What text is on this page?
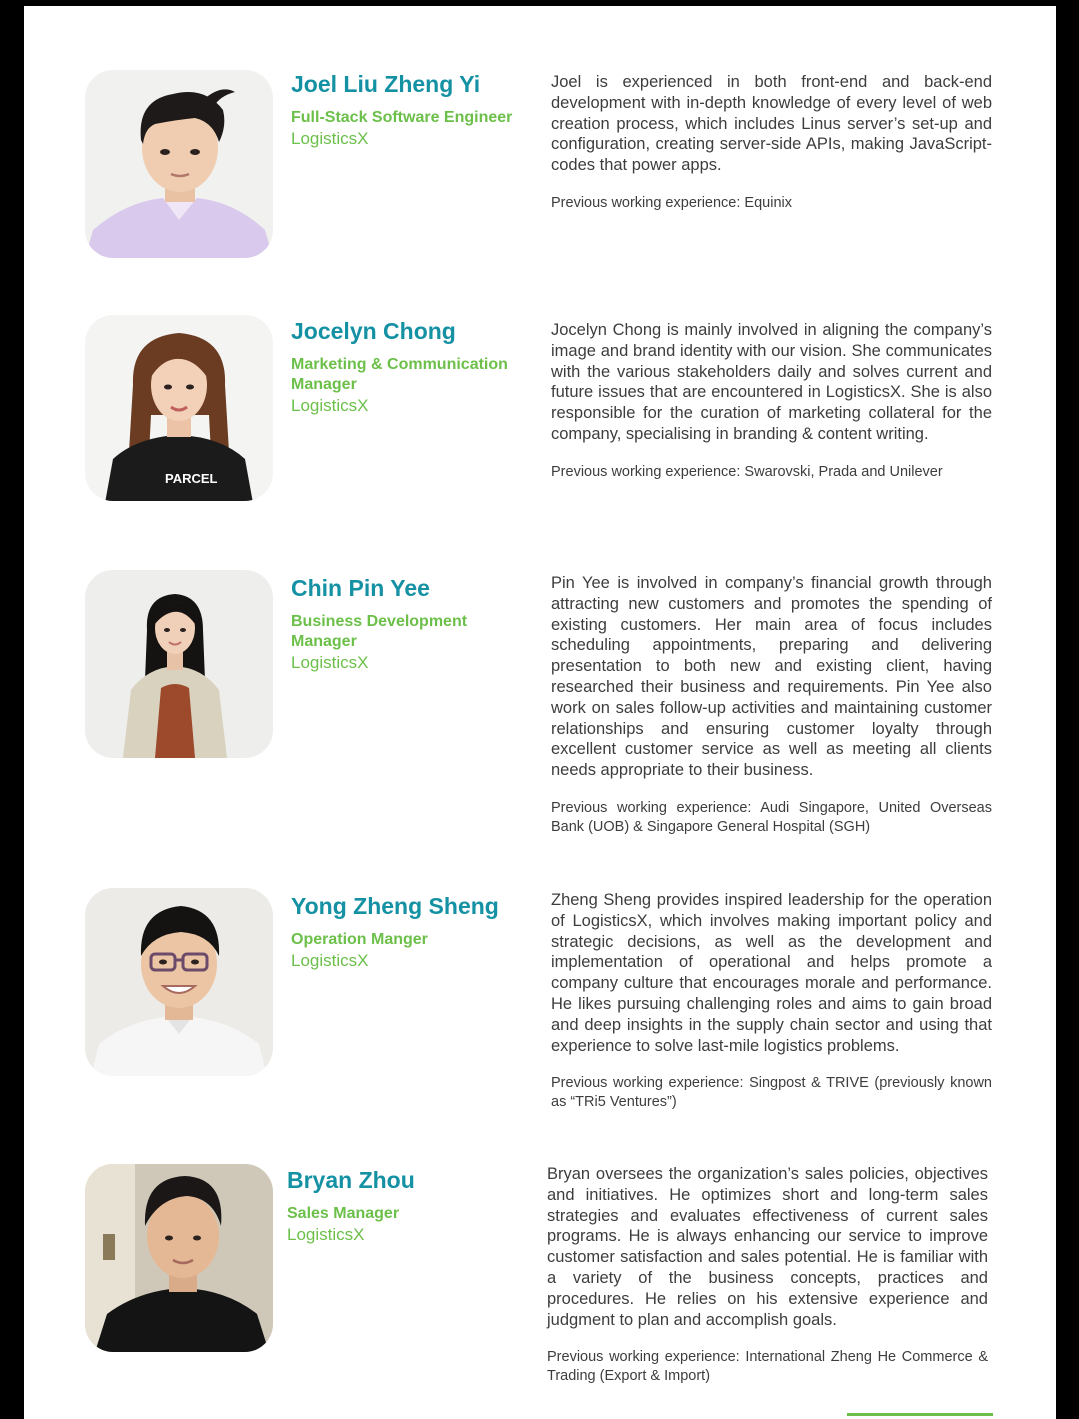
Joel Liu Zheng Yi
Full-Stack Software Engineer
LogisticsX

Joel is experienced in both front-end and back-end development with in-depth knowledge of every level of web creation process, which includes Linus server’s set-up and configuration, creating server-side APIs, making JavaScript-codes that power apps.

Previous working experience: Equinix

PARCEL
Jocelyn Chong
Marketing & Communication Manager
LogisticsX

Jocelyn Chong is mainly involved in aligning the company’s image and brand identity with our vision. She communicates with the various stakeholders daily and solves current and future issues that are encountered in LogisticsX. She is also responsible for the curation of marketing collateral for the company, specialising in branding & content writing.

Previous working experience: Swarovski, Prada and Unilever

Chin Pin Yee
Business Development Manager
LogisticsX

Pin Yee is involved in company’s financial growth through attracting new customers and promotes the spending of existing customers. Her main area of focus includes scheduling appointments, preparing and delivering presentation to both new and existing client, having researched their business and requirements. Pin Yee also work on sales follow-up activities and maintaining customer relationships and ensuring customer loyalty through excellent customer service as well as meeting all clients needs appropriate to their business.

Previous working experience: Audi Singapore, United Overseas Bank (UOB) & Singapore General Hospital (SGH)

Yong Zheng Sheng
Operation Manger
LogisticsX

Zheng Sheng provides inspired leadership for the operation of LogisticsX, which involves making important policy and strategic decisions, as well as the development and implementation of operational and helps promote a company culture that encourages morale and performance. He likes pursuing challenging roles and aims to gain broad and deep insights in the supply chain sector and using that experience to solve last-mile logistics problems.

Previous working experience: Singpost & TRIVE (previously known as “TRi5 Ventures”)

Bryan Zhou
Sales Manager
LogisticsX

Bryan oversees the organization’s sales policies, objectives and initiatives. He optimizes short and long-term sales strategies and evaluates effectiveness of current sales programs. He is always enhancing our service to improve customer satisfaction and sales potential. He is familiar with a variety of the business concepts, practices and procedures. He relies on his extensive experience and judgment to plan and accomplish goals.

Previous working experience: International Zheng He Commerce & Trading (Export & Import)
